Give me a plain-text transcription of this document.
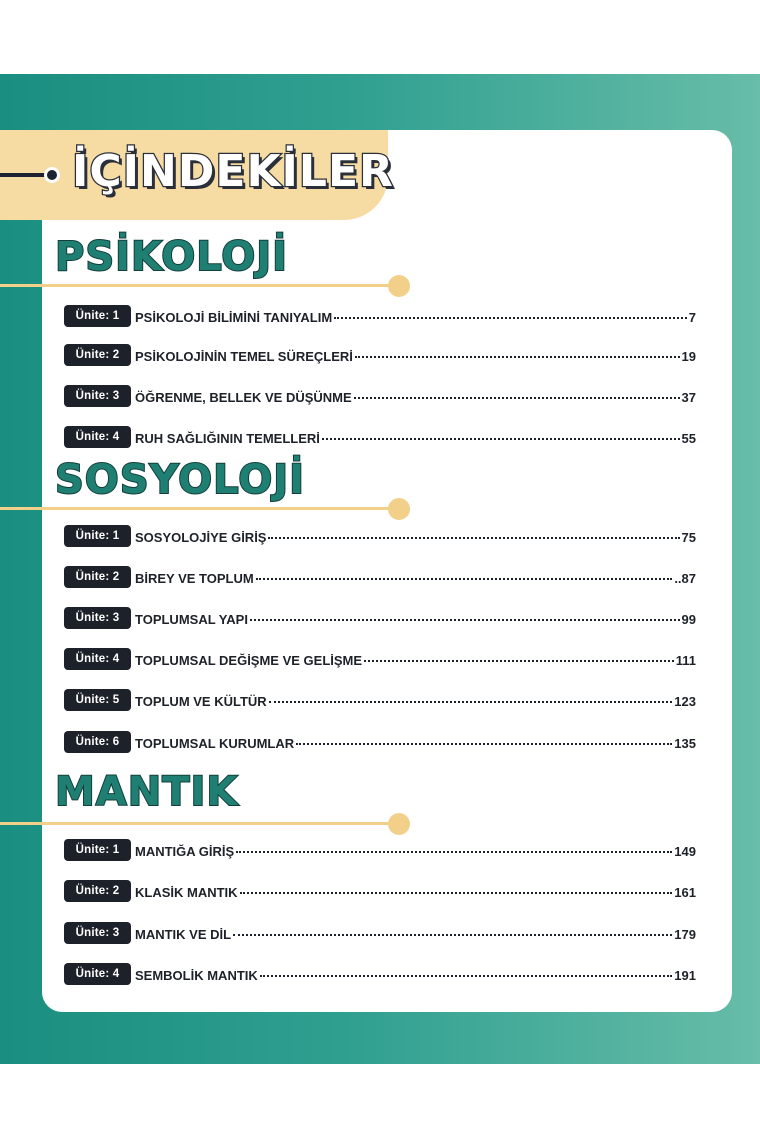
İÇİNDEKİLER
PSİKOLOJİ
Ünite: 1	PSİKOLOJİ BİLİMİNİ TANIYALIM	7
Ünite: 2	PSİKOLOJİNİN TEMEL SÜREÇLERİ	19
Ünite: 3	ÖĞRENME, BELLEK VE DÜŞÜNME	37
Ünite: 4	RUH SAĞLIĞININ TEMELLERİ	55
SOSYOLOJİ
Ünite: 1	SOSYOLOJİYE GİRİŞ	75
Ünite: 2	BİREY VE TOPLUM	..87
Ünite: 3	TOPLUMSAL YAPI	99
Ünite: 4	TOPLUMSAL DEĞİŞME VE GELİŞME	111
Ünite: 5	TOPLUM VE KÜLTÜR	123
Ünite: 6	TOPLUMSAL KURUMLAR	135
MANTIK
Ünite: 1	MANTIĞA GİRİŞ	149
Ünite: 2	KLASİK MANTIK	161
Ünite: 3	MANTIK VE DİL	179
Ünite: 4	SEMBOLİK MANTIK	191
